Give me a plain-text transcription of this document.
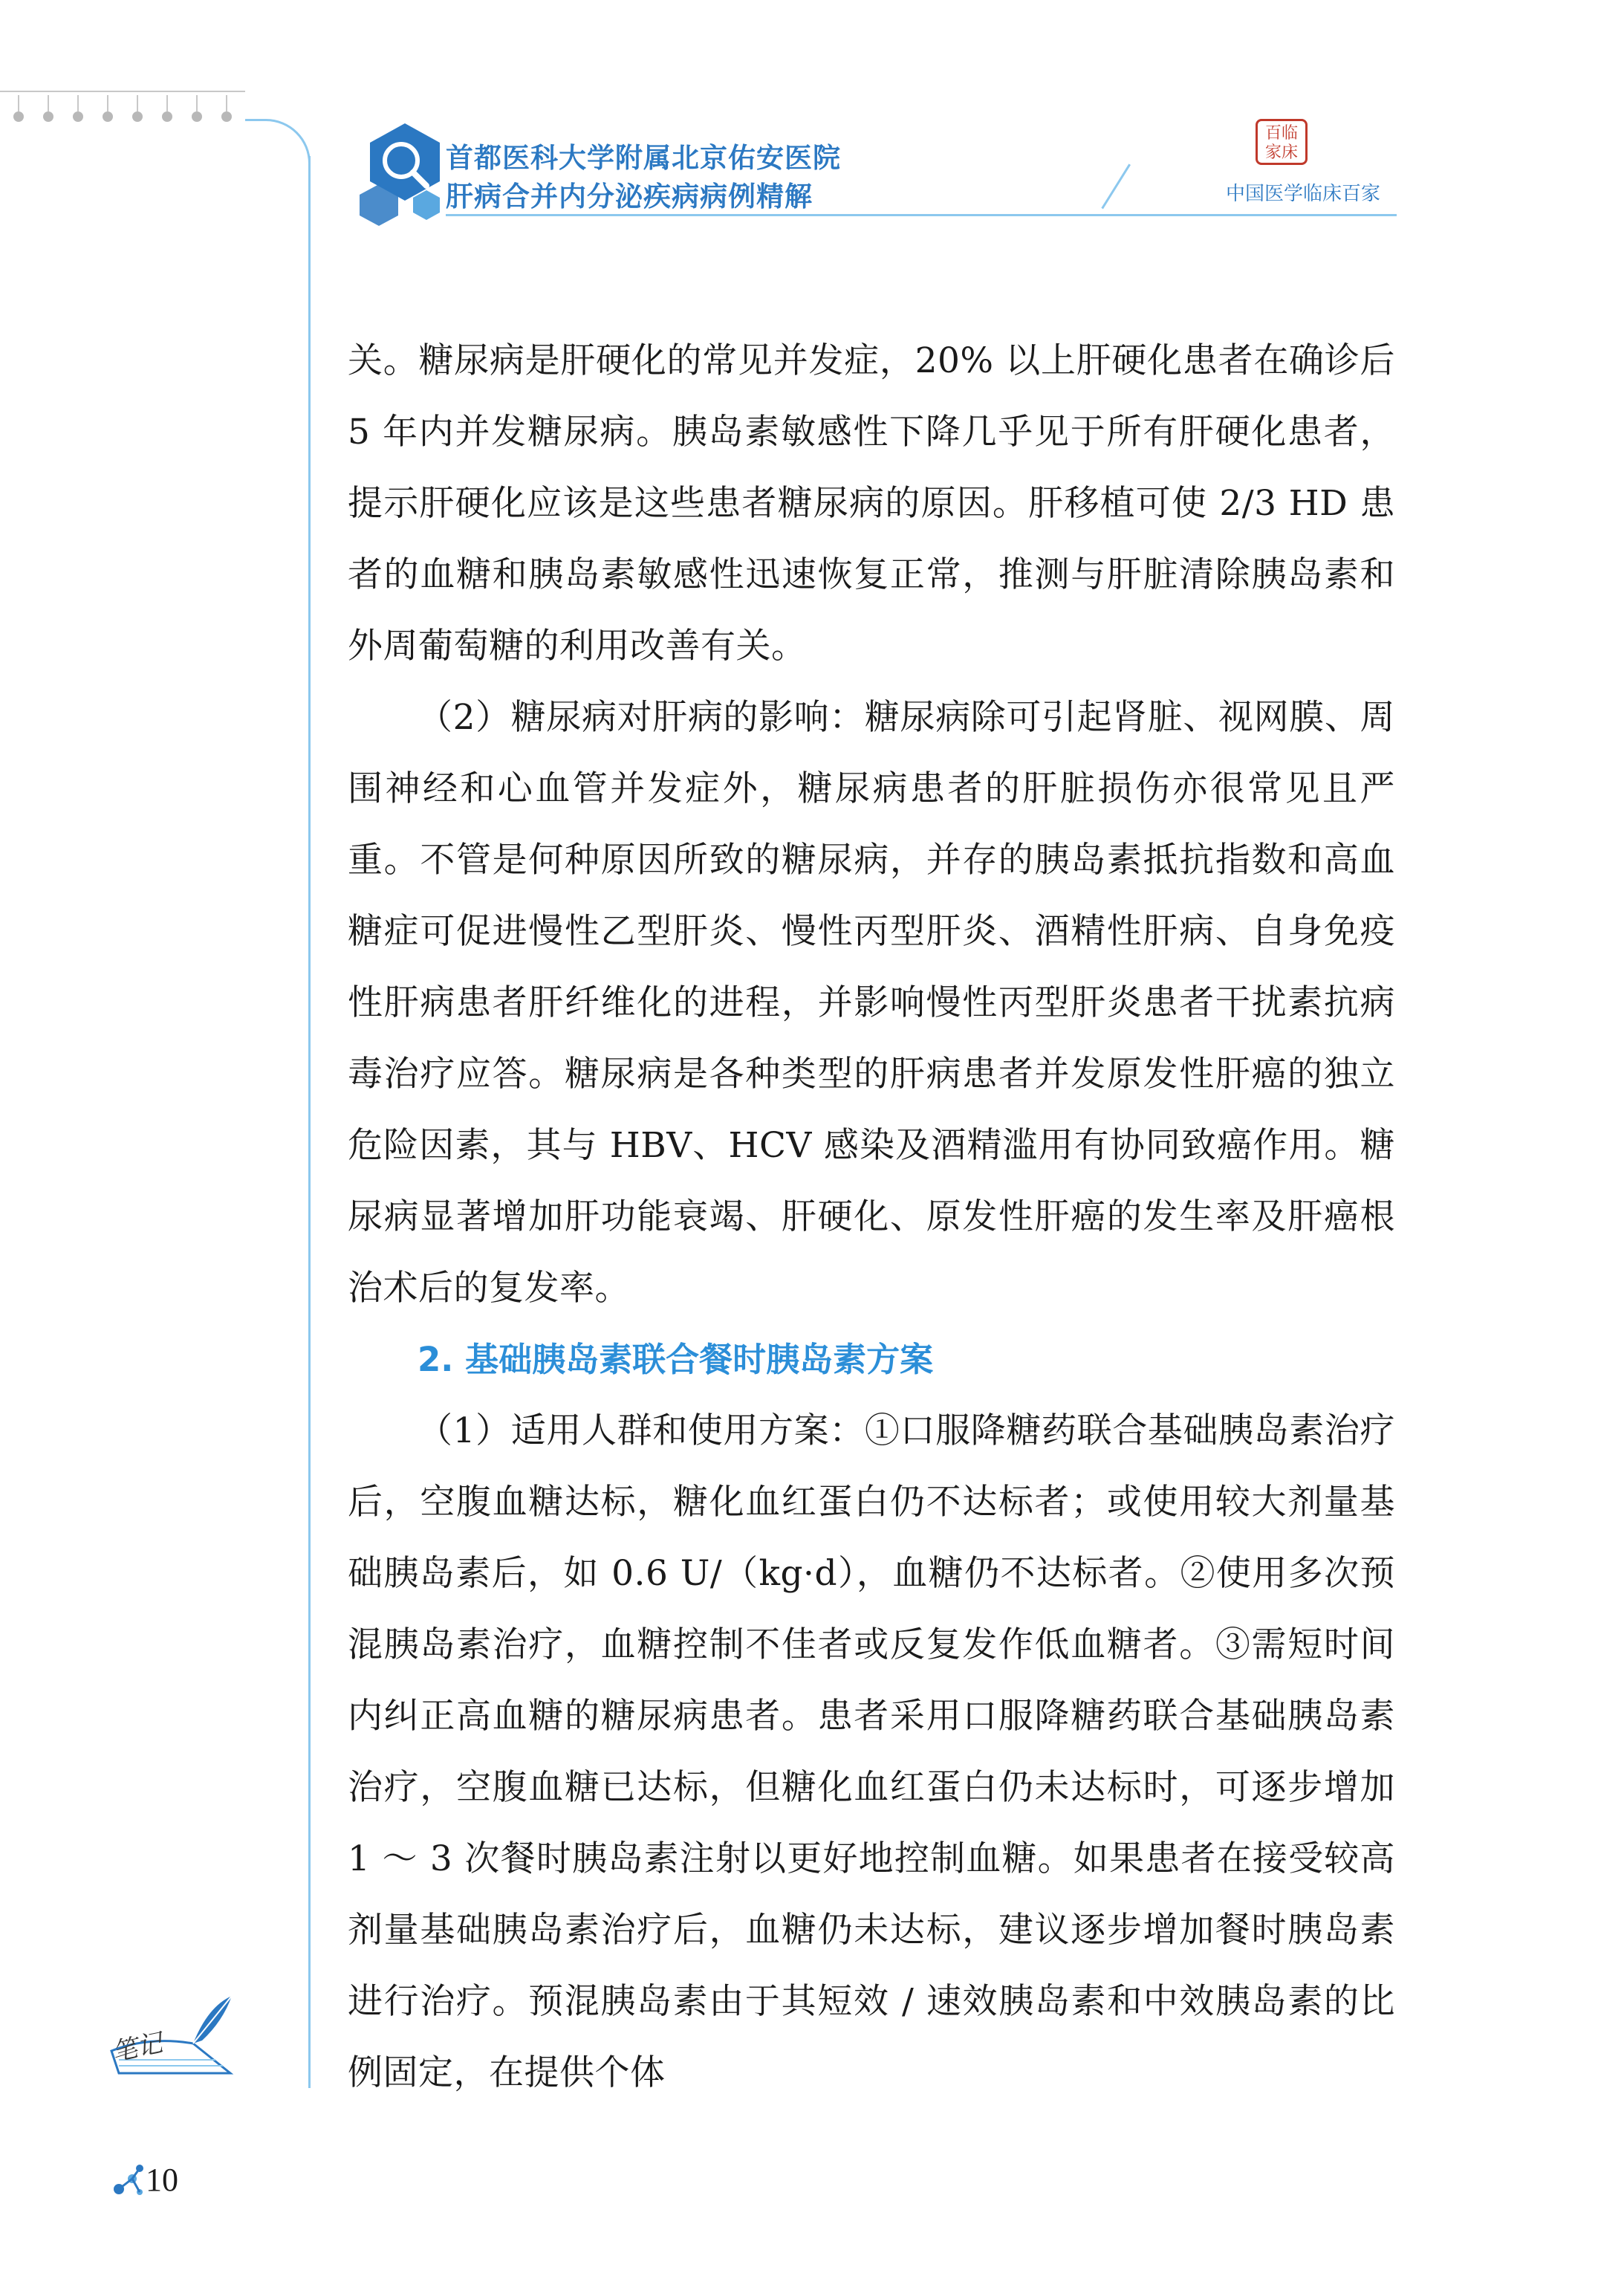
首都医科大学附属北京佑安医院
肝病合并内分泌疾病病例精解
百临
家床
中国医学临床百家

关。糖尿病是肝硬化的常见并发症，20% 以上肝硬化患者在确诊后 5 年内并发糖尿病。胰岛素敏感性下降几乎见于所有肝硬化患者，提示肝硬化应该是这些患者糖尿病的原因。肝移植可使 2/3 HD 患者的血糖和胰岛素敏感性迅速恢复正常，推测与肝脏清除胰岛素和外周葡萄糖的利用改善有关。

（2）糖尿病对肝病的影响：糖尿病除可引起肾脏、视网膜、周围神经和心血管并发症外，糖尿病患者的肝脏损伤亦很常见且严重。不管是何种原因所致的糖尿病，并存的胰岛素抵抗指数和高血糖症可促进慢性乙型肝炎、慢性丙型肝炎、酒精性肝病、自身免疫性肝病患者肝纤维化的进程，并影响慢性丙型肝炎患者干扰素抗病毒治疗应答。糖尿病是各种类型的肝病患者并发原发性肝癌的独立危险因素，其与 HBV、HCV 感染及酒精滥用有协同致癌作用。糖尿病显著增加肝功能衰竭、肝硬化、原发性肝癌的发生率及肝癌根治术后的复发率。

2. 基础胰岛素联合餐时胰岛素方案

（1）适用人群和使用方案：①口服降糖药联合基础胰岛素治疗后，空腹血糖达标，糖化血红蛋白仍不达标者；或使用较大剂量基础胰岛素后，如 0.6 U/（kg·d），血糖仍不达标者。②使用多次预混胰岛素治疗，血糖控制不佳者或反复发作低血糖者。③需短时间内纠正高血糖的糖尿病患者。患者采用口服降糖药联合基础胰岛素治疗，空腹血糖已达标，但糖化血红蛋白仍未达标时，可逐步增加 1 ～ 3 次餐时胰岛素注射以更好地控制血糖。如果患者在接受较高剂量基础胰岛素治疗后，血糖仍未达标，建议逐步增加餐时胰岛素进行治疗。预混胰岛素由于其短效 / 速效胰岛素和中效胰岛素的比例固定，在提供个体

笔记
10
